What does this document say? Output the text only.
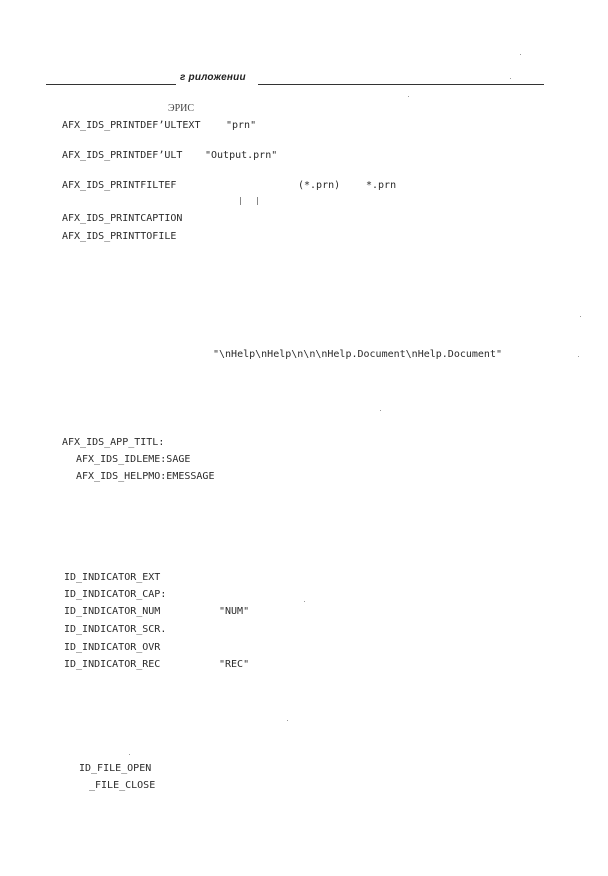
г риложении
ЭРИС
AFX_IDS_PRINTDEFʼULTEXT	"prn"
AFX_IDS_PRINTDEFʼULT "Output.prn"
AFX_IDS_PRINTFILTEF	(*.prn)	*.prn
AFX_IDS_PRINTCAPTION
AFX_IDS_PRINTTOFILE
"\nHelp\nHelp\n\n\nHelp.Document\nHelp.Document"
AFX_IDS_APP_TITL:
AFX_IDS_IDLEME:SAGE
AFX_IDS_HELPMO:EMESSAGE
ID_INDICATOR_EXT
ID_INDICATOR_CAP:
ID_INDICATOR_NUM	"NUM"
ID_INDICATOR_SCR.
ID_INDICATOR_OVR
ID_INDICATOR_REC	"REC"
ID_FILE_OPEN
_FILE_CLOSE
